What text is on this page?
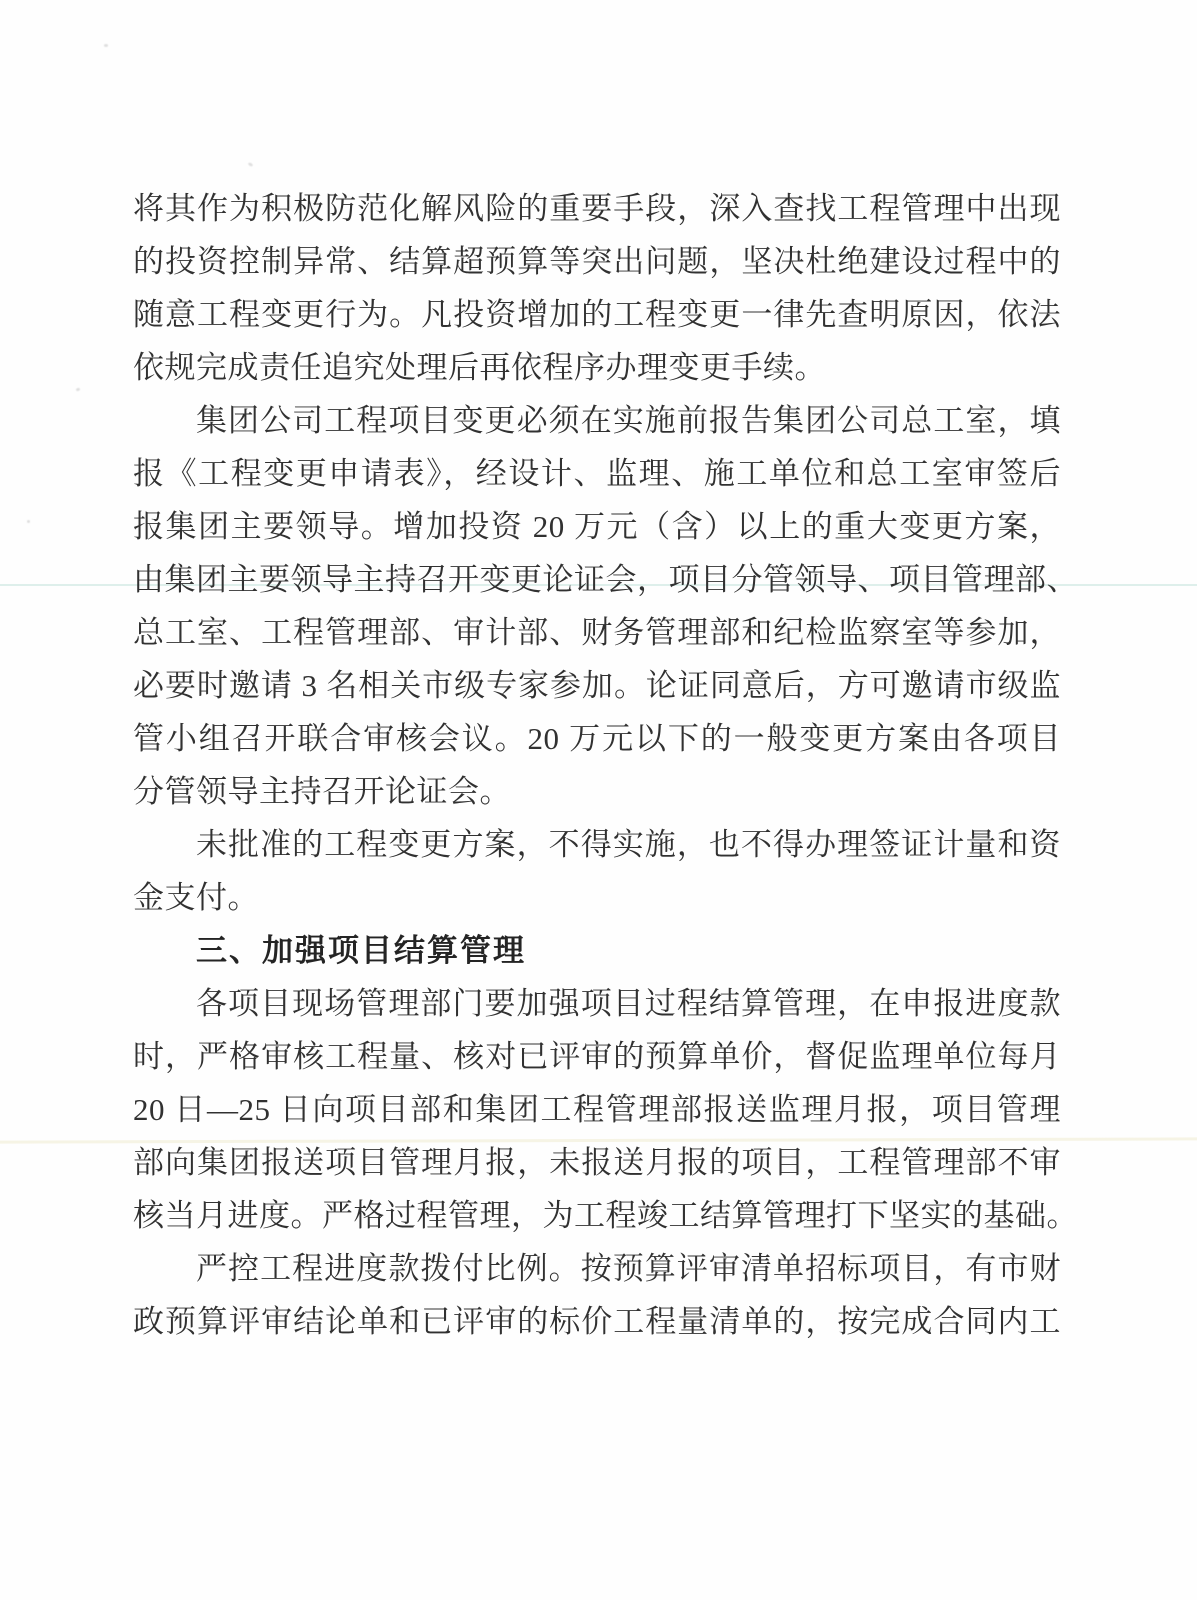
将其作为积极防范化解风险的重要手段，深入查找工程管理中出现
的投资控制异常、结算超预算等突出问题，坚决杜绝建设过程中的
随意工程变更行为。凡投资增加的工程变更一律先查明原因，依法
依规完成责任追究处理后再依程序办理变更手续。
集团公司工程项目变更必须在实施前报告集团公司总工室，填
报《工程变更申请表》，经设计、监理、施工单位和总工室审签后
报集团主要领导。增加投资 20 万元（含）以上的重大变更方案，
由集团主要领导主持召开变更论证会，项目分管领导、项目管理部、
总工室、工程管理部、审计部、财务管理部和纪检监察室等参加，
必要时邀请 3 名相关市级专家参加。论证同意后，方可邀请市级监
管小组召开联合审核会议。20 万元以下的一般变更方案由各项目
分管领导主持召开论证会。
未批准的工程变更方案，不得实施，也不得办理签证计量和资
金支付。
三、加强项目结算管理
各项目现场管理部门要加强项目过程结算管理，在申报进度款
时，严格审核工程量、核对已评审的预算单价，督促监理单位每月
20 日—25 日向项目部和集团工程管理部报送监理月报，项目管理
部向集团报送项目管理月报，未报送月报的项目，工程管理部不审
核当月进度。严格过程管理，为工程竣工结算管理打下坚实的基础。
严控工程进度款拨付比例。按预算评审清单招标项目，有市财
政预算评审结论单和已评审的标价工程量清单的，按完成合同内工
